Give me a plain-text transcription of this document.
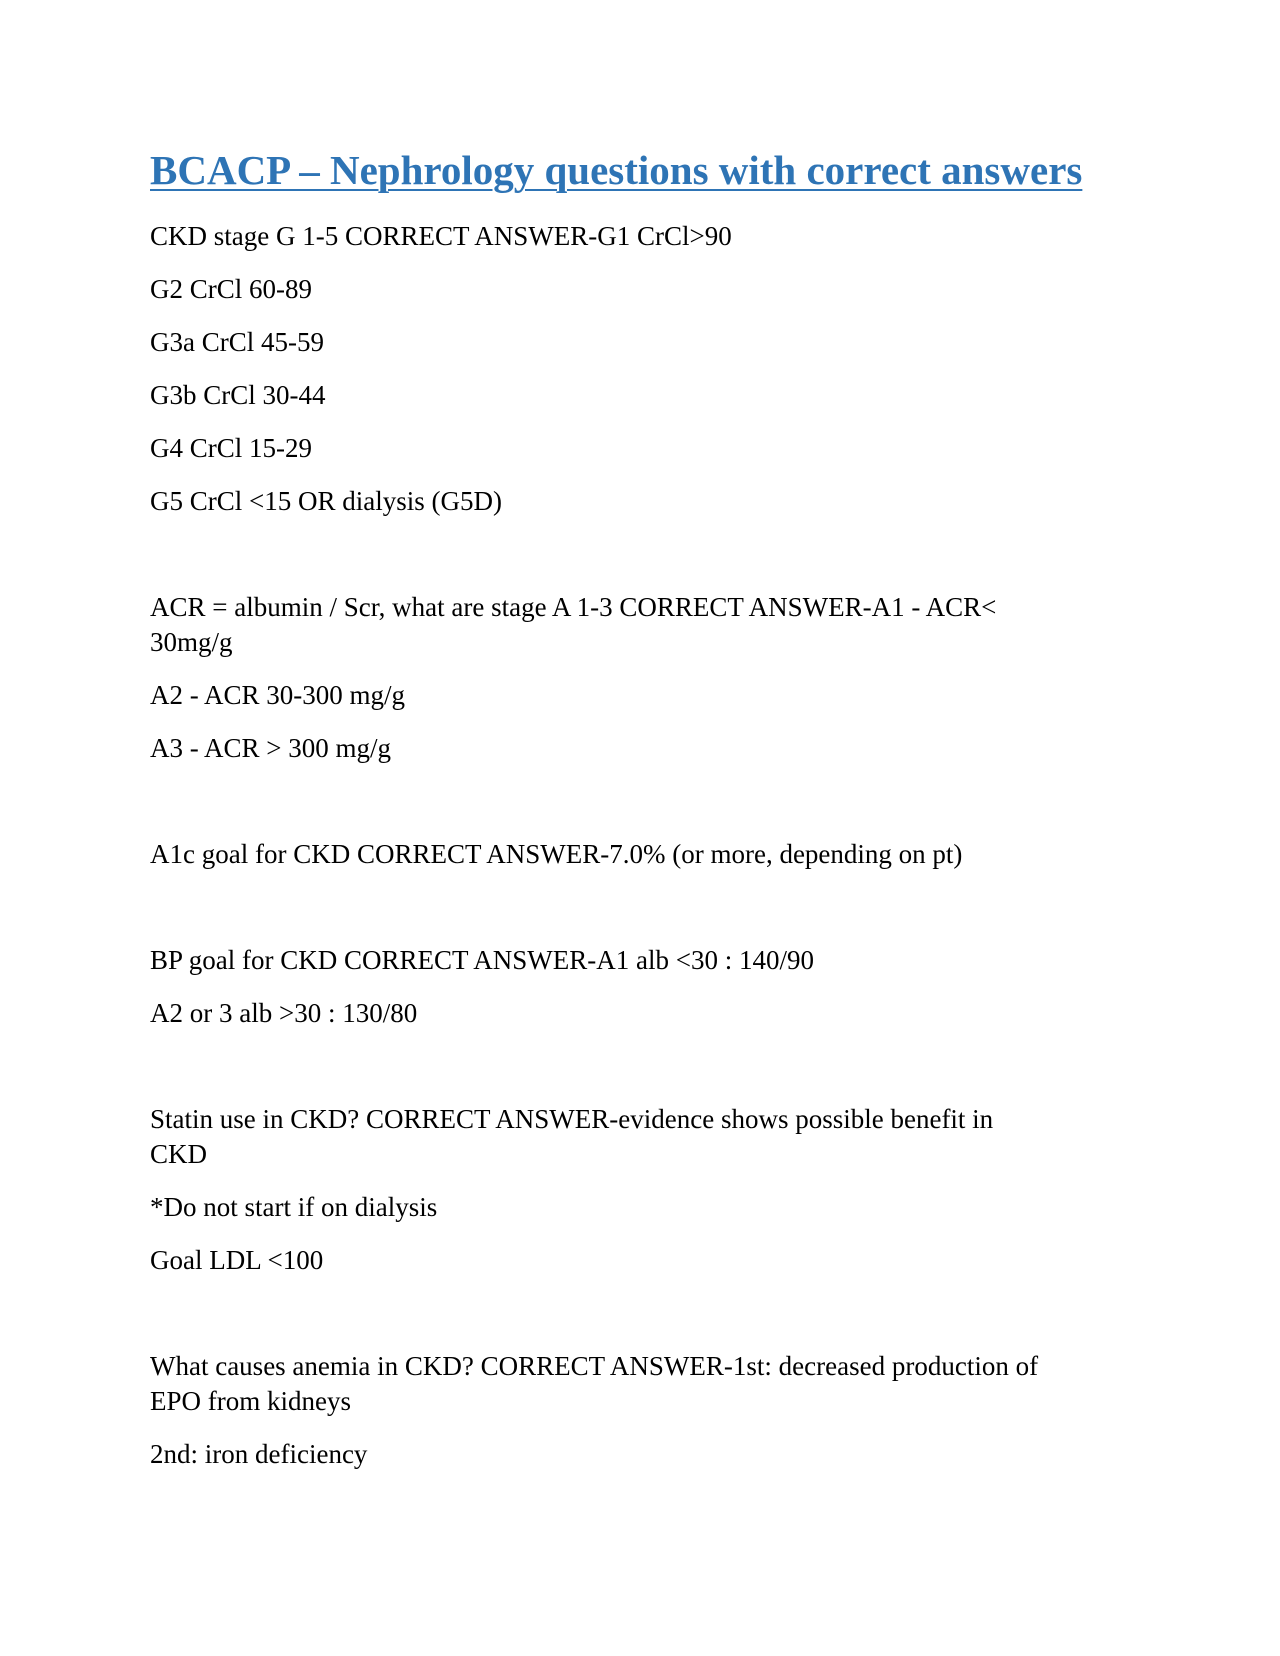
BCACP – Nephrology questions with correct answers

CKD stage G 1-5 CORRECT ANSWER-G1 CrCl>90

G2 CrCl 60-89

G3a CrCl 45-59

G3b CrCl 30-44

G4 CrCl 15-29

G5 CrCl <15 OR dialysis (G5D)

ACR = albumin / Scr, what are stage A 1-3 CORRECT ANSWER-A1 - ACR<

30mg/g

A2 - ACR 30-300 mg/g

A3 - ACR > 300 mg/g

A1c goal for CKD CORRECT ANSWER-7.0% (or more, depending on pt)

BP goal for CKD CORRECT ANSWER-A1 alb <30 : 140/90

A2 or 3 alb >30 : 130/80

Statin use in CKD? CORRECT ANSWER-evidence shows possible benefit in

CKD

*Do not start if on dialysis

Goal LDL <100

What causes anemia in CKD? CORRECT ANSWER-1st: decreased production of

EPO from kidneys

2nd: iron deficiency
